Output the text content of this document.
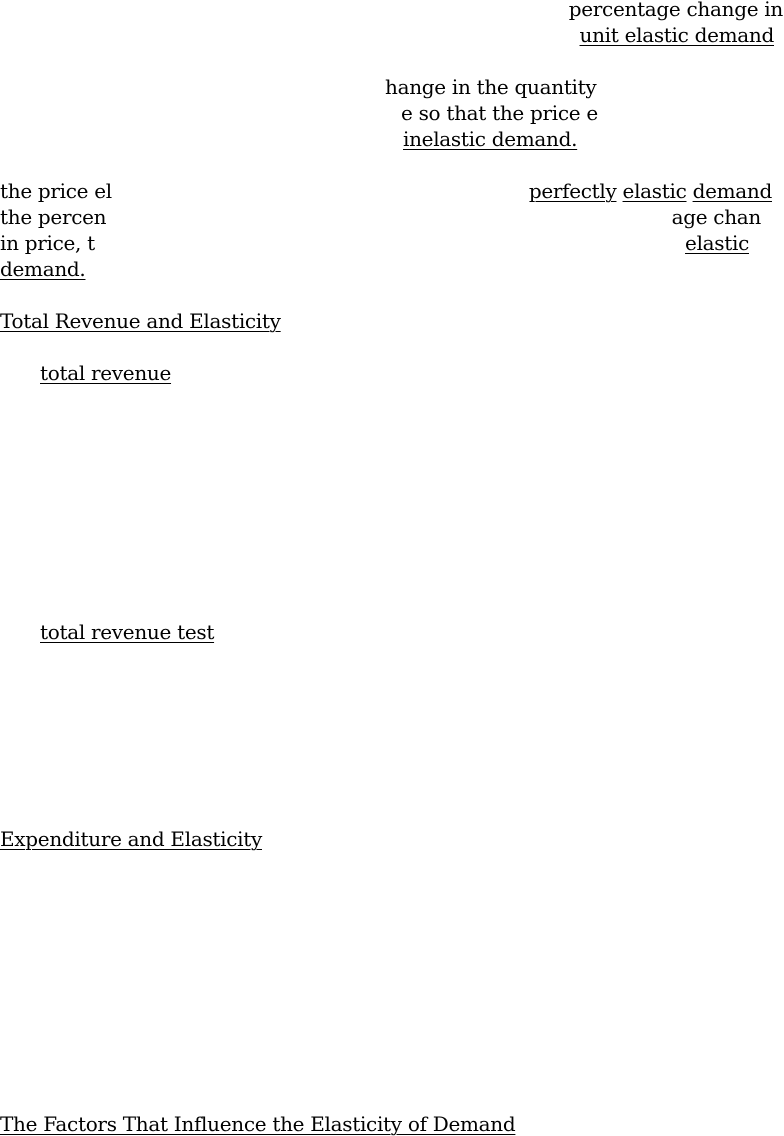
percentage change in
unit elastic demand
hange in the quantity
e so that the price e
inelastic demand.
the price el
the percen
in price, t
demand.
perfectly elastic demand
age chan
elastic
Total Revenue and Elasticity
total revenue
total revenue test
Expenditure and Elasticity
The Factors That Influence the Elasticity of Demand
